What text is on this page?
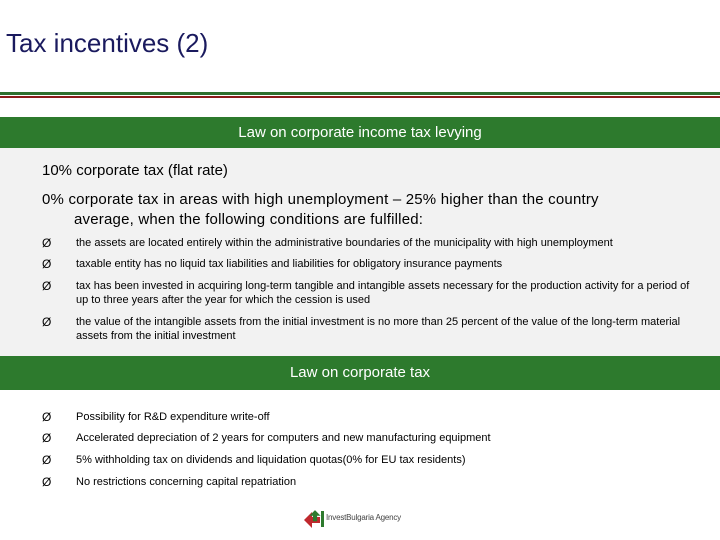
Tax incentives (2)
Law on corporate income tax levying
10% corporate tax (flat rate)
0% corporate tax in areas with high unemployment – 25% higher than the country
average, when the following conditions are fulfilled:
Ø the assets are located entirely within the administrative boundaries of the municipality with high unemployment
Ø taxable entity has no liquid tax liabilities and liabilities for obligatory insurance payments
Ø tax has been invested in acquiring long-term tangible and intangible assets necessary for the production activity for a period of up to three years after the year for which the cession is used
Ø the value of the intangible assets from the initial investment is no more than 25 percent of the value of the long-term material assets from the initial investment
Law on corporate tax
Ø Possibility for R&D expenditure write-off
Ø Accelerated depreciation of 2 years for computers and new manufacturing equipment
Ø 5% withholding tax on dividends and liquidation quotas(0% for EU tax residents)
Ø No restrictions concerning capital repatriation
InvestBulgaria Agency
